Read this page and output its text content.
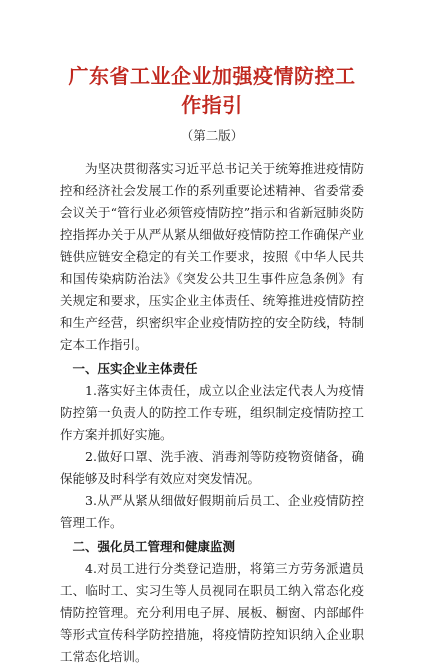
广东省工业企业加强疫情防控工作指引
（第二版）

为坚决贯彻落实习近平总书记关于统筹推进疫情防控和经济社会发展工作的系列重要论述精神、省委常委会议关于“管行业必须管疫情防控”指示和省新冠肺炎防控指挥办关于从严从紧从细做好疫情防控工作确保产业链供应链安全稳定的有关工作要求，按照《中华人民共和国传染病防治法》《突发公共卫生事件应急条例》有关规定和要求，压实企业主体责任、统筹推进疫情防控和生产经营，织密织牢企业疫情防控的安全防线，特制定本工作指引。

一、压实企业主体责任

1.落实好主体责任，成立以企业法定代表人为疫情防控第一负责人的防控工作专班，组织制定疫情防控工作方案并抓好实施。

2.做好口罩、洗手液、消毒剂等防疫物资储备，确保能够及时科学有效应对突发情况。

3.从严从紧从细做好假期前后员工、企业疫情防控管理工作。

二、强化员工管理和健康监测

4.对员工进行分类登记造册，将第三方劳务派遣员工、临时工、实习生等人员视同在职员工纳入常态化疫情防控管理。充分利用电子屏、展板、橱窗、内部邮件等形式宣传科学防控措施，将疫情防控知识纳入企业职工常态化培训。
